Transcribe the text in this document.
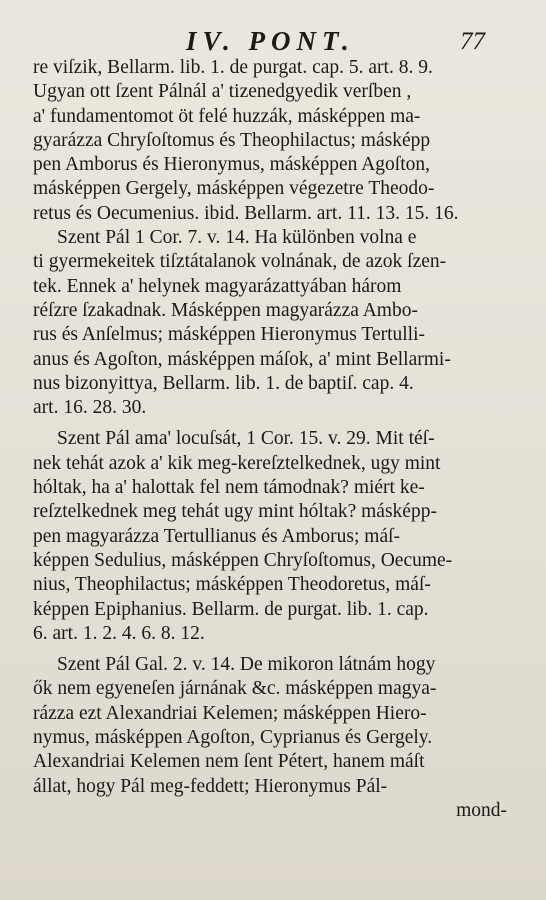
IV. PONT.	77
re viſzik, Bellarm. lib. 1. de purgat. cap. 5. art. 8. 9.
Ugyan ott ſzent Pálnál a' tizenedgyedik verſben ,
a' fundamentomot öt felé huzzák, másképpen ma-
gyarázza Chryſoſtomus és Theophilactus; másképp
pen Amborus és Hieronymus, másképpen Agoſton,
másképpen Gergely, másképpen végezetre Theodo-
retus és Oecumenius. ibid. Bellarm. art. 11. 13. 15. 16.
Szent Pál 1 Cor. 7. v. 14. Ha különben volna e
ti gyermekeitek tiſztátalanok volnának, de azok ſzen-
tek. Ennek a' helynek magyarázattyában három
réſzre ſzakadnak. Másképpen magyarázza Ambo-
rus és Anſelmus; másképpen Hieronymus Tertulli-
anus és Agoſton, másképpen máſok, a' mint Bellarmi-
nus bizonyittya, Bellarm. lib. 1. de baptiſ. cap. 4.
art. 16. 28. 30.
Szent Pál ama' locuſsát, 1 Cor. 15. v. 29. Mit téſ-
nek tehát azok a' kik meg-kereſztelkednek, ugy mint
hóltak, ha a' halottak fel nem támodnak? miért ke-
reſztelkednek meg tehát ugy mint hóltak? másképp-
pen magyarázza Tertullianus és Amborus; máſ-
képpen Sedulius, másképpen Chryſoſtomus, Oecume-
nius, Theophilactus; másképpen Theodoretus, máſ-
képpen Epiphanius. Bellarm. de purgat. lib. 1. cap.
6. art. 1. 2. 4. 6. 8. 12.
Szent Pál Gal. 2. v. 14. De mikoron látnám hogy
ők nem egyeneſen járnának &c. másképpen magya-
rázza ezt Alexandriai Kelemen; másképpen Hiero-
nymus, másképpen Agoſton, Cyprianus és Gergely.
Alexandriai Kelemen nem ſent Pétert, hanem máſt
állat, hogy Pál meg-feddett; Hieronymus Pál-
mond-
